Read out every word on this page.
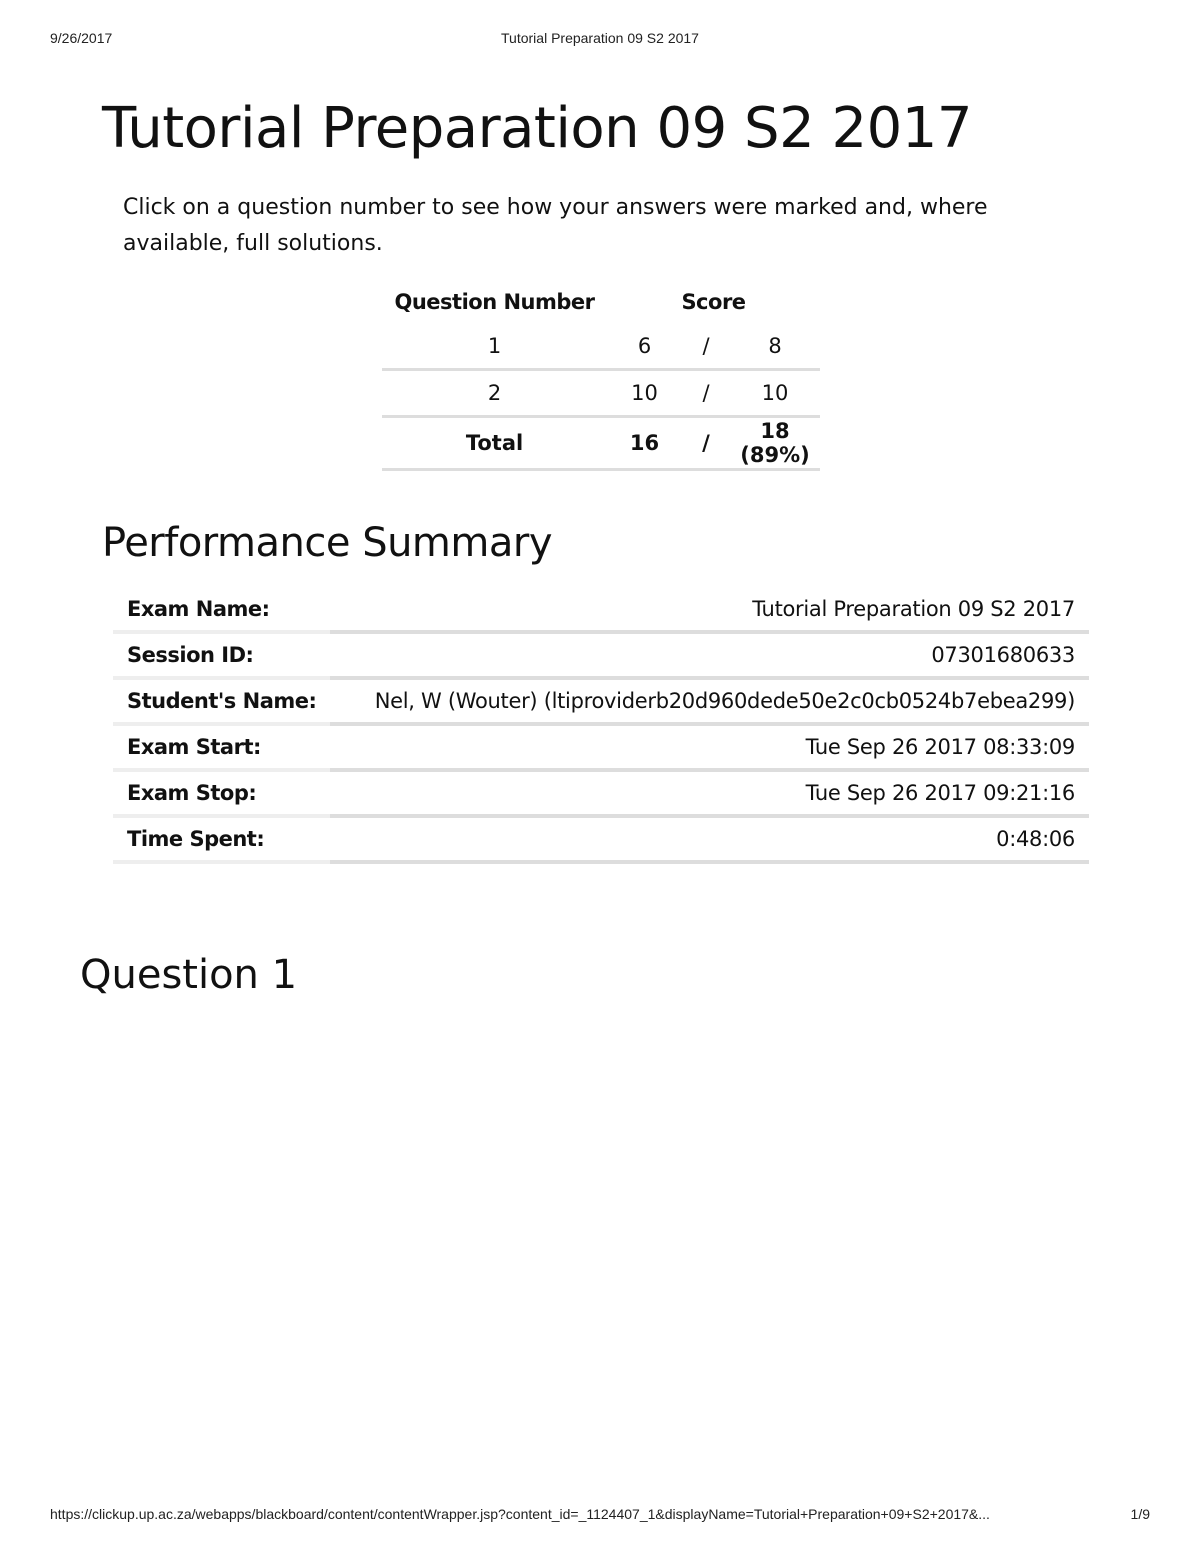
9/26/2017	Tutorial Preparation 09 S2 2017
Tutorial Preparation 09 S2 2017
Click on a question number to see how your answers were marked and, where available, full solutions.
Question Number	Score		
1	6	/	8
2	10	/	10
Total	16	/	18 (89%)
Performance Summary
Exam Name:	Tutorial Preparation 09 S2 2017
Session ID:	07301680633
Student's Name:	Nel, W (Wouter) (ltiproviderb20d960dede50e2c0cb0524b7ebea299)
Exam Start:	Tue Sep 26 2017 08:33:09
Exam Stop:	Tue Sep 26 2017 09:21:16
Time Spent:	0:48:06
Question 1
https://clickup.up.ac.za/webapps/blackboard/content/contentWrapper.jsp?content_id=_1124407_1&displayName=Tutorial+Preparation+09+S2+2017&...	1/9
